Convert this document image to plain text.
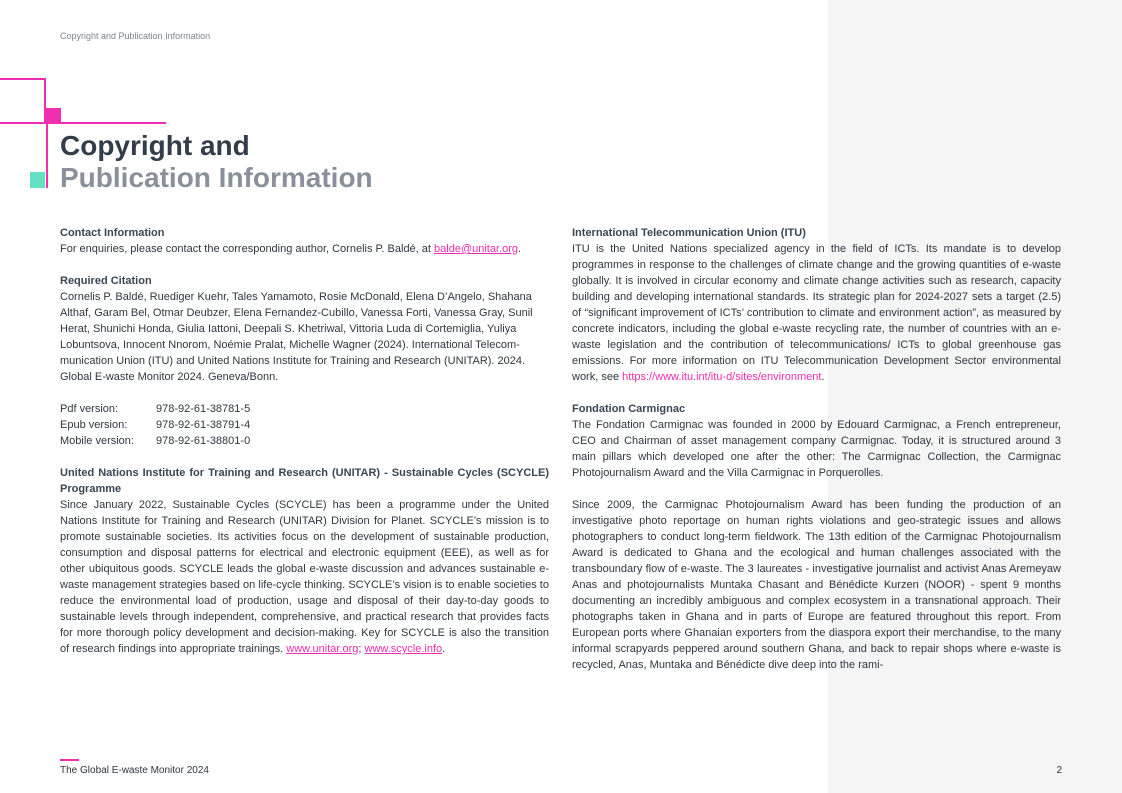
Copyright and Publication Information
Copyright and
Publication Information
Contact Information
For enquiries, please contact the corresponding author, Cornelis P. Baldé, at balde@unitar.org.
Required Citation
Cornelis P. Baldé, Ruediger Kuehr, Tales Yamamoto, Rosie McDonald, Elena D’Angelo, Shahana Althaf, Garam Bel, Otmar Deubzer, Elena Fernandez-Cubillo, Vanessa Forti, Vanessa Gray, Sunil Herat, Shunichi Honda, Giulia Iattoni, Deepali S. Khetriwal, Vittoria Luda di Cortemiglia, Yuliya Lobuntsova, Innocent Nnorom, Noémie Pralat, Michelle Wagner (2024). International Telecommunication Union (ITU) and United Nations Institute for Training and Research (UNITAR). 2024. Global E-waste Monitor 2024. Geneva/Bonn.
Pdf version:	978-92-61-38781-5
Epub version:	978-92-61-38791-4
Mobile version:	978-92-61-38801-0
United Nations Institute for Training and Research (UNITAR) - Sustainable Cycles (SCYCLE) Programme
Since January 2022, Sustainable Cycles (SCYCLE) has been a programme under the United Nations Institute for Training and Research (UNITAR) Division for Planet. SCYCLE’s mission is to promote sustainable societies. Its activities focus on the development of sustainable production, consumption and disposal patterns for electrical and electronic equipment (EEE), as well as for other ubiquitous goods. SCYCLE leads the global e-waste discussion and advances sustainable e-waste management strategies based on life-cycle thinking. SCYCLE’s vision is to enable societies to reduce the environmental load of production, usage and disposal of their day-to-day goods to sustainable levels through independent, comprehensive, and practical research that provides facts for more thorough policy development and decision-making. Key for SCYCLE is also the transition of research findings into appropriate trainings. www.unitar.org; www.scycle.info.
International Telecommunication Union (ITU)
ITU is the United Nations specialized agency in the field of ICTs. Its mandate is to develop programmes in response to the challenges of climate change and the growing quantities of e-waste globally. It is involved in circular economy and climate change activities such as research, capacity building and developing international standards. Its strategic plan for 2024-2027 sets a target (2.5) of “significant improvement of ICTs’ contribution to climate and environment action”, as measured by concrete indicators, including the global e-waste recycling rate, the number of countries with an e-waste legislation and the contribution of telecommunications/ ICTs to global greenhouse gas emissions. For more information on ITU Telecommunication Development Sector environmental work, see https://www.itu.int/itu-d/sites/environment.
Fondation Carmignac
The Fondation Carmignac was founded in 2000 by Edouard Carmignac, a French entrepreneur, CEO and Chairman of asset management company Carmignac. Today, it is structured around 3 main pillars which developed one after the other: The Carmignac Collection, the Carmignac Photojournalism Award and the Villa Carmignac in Porquerolles.
Since 2009, the Carmignac Photojournalism Award has been funding the production of an investigative photo reportage on human rights violations and geo-strategic issues and allows photographers to conduct long-term fieldwork. The 13th edition of the Carmignac Photojournalism Award is dedicated to Ghana and the ecological and human challenges associated with the transboundary flow of e-waste. The 3 laureates - investigative journalist and activist Anas Aremeyaw Anas and photojournalists Muntaka Chasant and Bénédicte Kurzen (NOOR) - spent 9 months documenting an incredibly ambiguous and complex ecosystem in a transnational approach. Their photographs taken in Ghana and in parts of Europe are featured throughout this report. From European ports where Ghanaian exporters from the diaspora export their merchandise, to the many informal scrapyards peppered around southern Ghana, and back to repair shops where e-waste is recycled, Anas, Muntaka and Bénédicte dive deep into the rami-
The Global E-waste Monitor 2024	2
